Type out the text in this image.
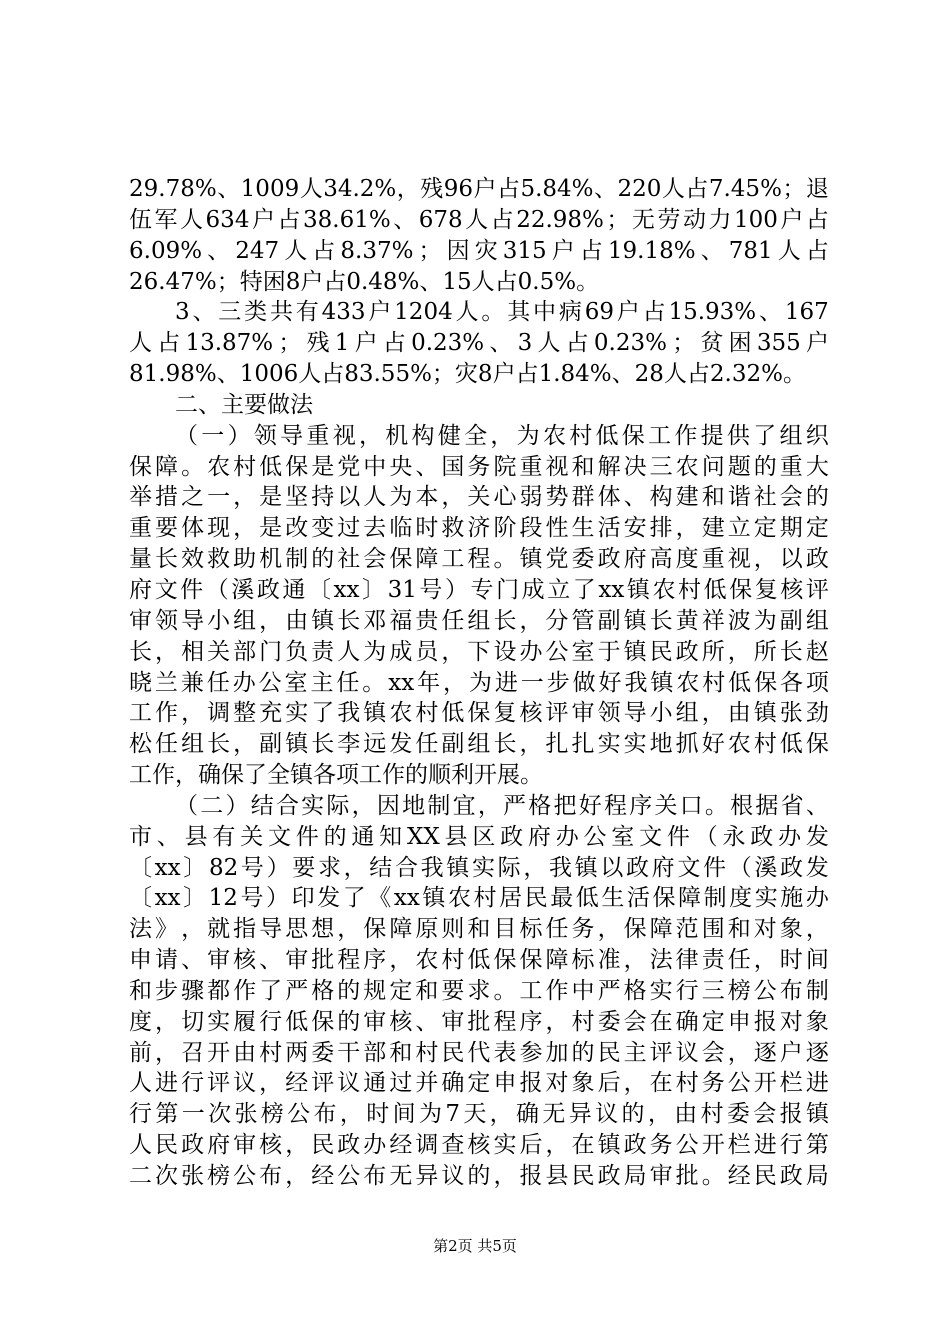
29.78% 、 1009 人 34.2% ， 残 96 户 占 5.84% 、 220 人 占 7.45% ； 退
伍 军 人 634 户 占 38.61% 、 678 人 占 22.98% ； 无 劳 动 力 100 户 占
6.09% 、 247 人 占 8.37% ； 因 灾 315 户 占 19.18% 、 781 人 占
26.47%；特困8户占0.48%、15人占0.5%。
3 、 三 类 共 有 433 户 1204 人 。 其 中 病 69 户 占 15.93% 、 167
人 占 13.87% ； 残 1 户 占 0.23% 、 3 人 占 0.23% ； 贫 困 355 户
81.98%、1006人占83.55%；灾8户占1.84%、28人占2.32%。
二、主要做法
（ 一 ） 领 导 重 视 ， 机 构 健 全 ， 为 农 村 低 保 工 作 提 供 了 组 织
保 障 。 农 村 低 保 是 党 中 央 、 国 务 院 重 视 和 解 决 三 农 问 题 的 重 大
举 措 之 一 ， 是 坚 持 以 人 为 本 ， 关 心 弱 势 群 体 、 构 建 和 谐 社 会 的
重 要 体 现 ， 是 改 变 过 去 临 时 救 济 阶 段 性 生 活 安 排 ， 建 立 定 期 定
量 长 效 救 助 机 制 的 社 会 保 障 工 程 。 镇 党 委 政 府 高 度 重 视 ， 以 政
府 文 件 （ 溪 政 通 〔 xx 〕 31 号 ） 专 门 成 立 了 xx 镇 农 村 低 保 复 核 评
审 领 导 小 组 ， 由 镇 长 邓 福 贵 任 组 长 ， 分 管 副 镇 长 黄 祥 波 为 副 组
长 ， 相 关 部 门 负 责 人 为 成 员 ， 下 设 办 公 室 于 镇 民 政 所 ， 所 长 赵
晓 兰 兼 任 办 公 室 主 任 。 xx 年 ， 为 进 一 步 做 好 我 镇 农 村 低 保 各 项
工 作 ， 调 整 充 实 了 我 镇 农 村 低 保 复 核 评 审 领 导 小 组 ， 由 镇 张 劲
松 任 组 长 ， 副 镇 长 李 远 发 任 副 组 长 ， 扎 扎 实 实 地 抓 好 农 村 低 保
工作，确保了全镇各项工作的顺利开展。
（ 二 ） 结 合 实 际 ， 因 地 制 宜 ， 严 格 把 好 程 序 关 口 。 根 据 省 、
市 、 县 有 关 文 件 的 通 知 XX 县 区 政 府 办 公 室 文 件 （ 永 政 办 发
〔 xx 〕 82 号 ） 要 求 ， 结 合 我 镇 实 际 ， 我 镇 以 政 府 文 件 （ 溪 政 发
〔 xx 〕 12 号 ） 印 发 了 《 xx 镇 农 村 居 民 最 低 生 活 保 障 制 度 实 施 办
法 》 ， 就 指 导 思 想 ， 保 障 原 则 和 目 标 任 务 ， 保 障 范 围 和 对 象 ，
申 请 、 审 核 、 审 批 程 序 ， 农 村 低 保 保 障 标 准 ， 法 律 责 任 ， 时 间
和 步 骤 都 作 了 严 格 的 规 定 和 要 求 。 工 作 中 严 格 实 行 三 榜 公 布 制
度 ， 切 实 履 行 低 保 的 审 核 、 审 批 程 序 ， 村 委 会 在 确 定 申 报 对 象
前 ， 召 开 由 村 两 委 干 部 和 村 民 代 表 参 加 的 民 主 评 议 会 ， 逐 户 逐
人 进 行 评 议 ， 经 评 议 通 过 并 确 定 申 报 对 象 后 ， 在 村 务 公 开 栏 进
行 第 一 次 张 榜 公 布 ， 时 间 为 7 天 ， 确 无 异 议 的 ， 由 村 委 会 报 镇
人 民 政 府 审 核 ， 民 政 办 经 调 查 核 实 后 ， 在 镇 政 务 公 开 栏 进 行 第
二 次 张 榜 公 布 ， 经 公 布 无 异 议 的 ， 报 县 民 政 局 审 批 。 经 民 政 局
第2页 共5页
